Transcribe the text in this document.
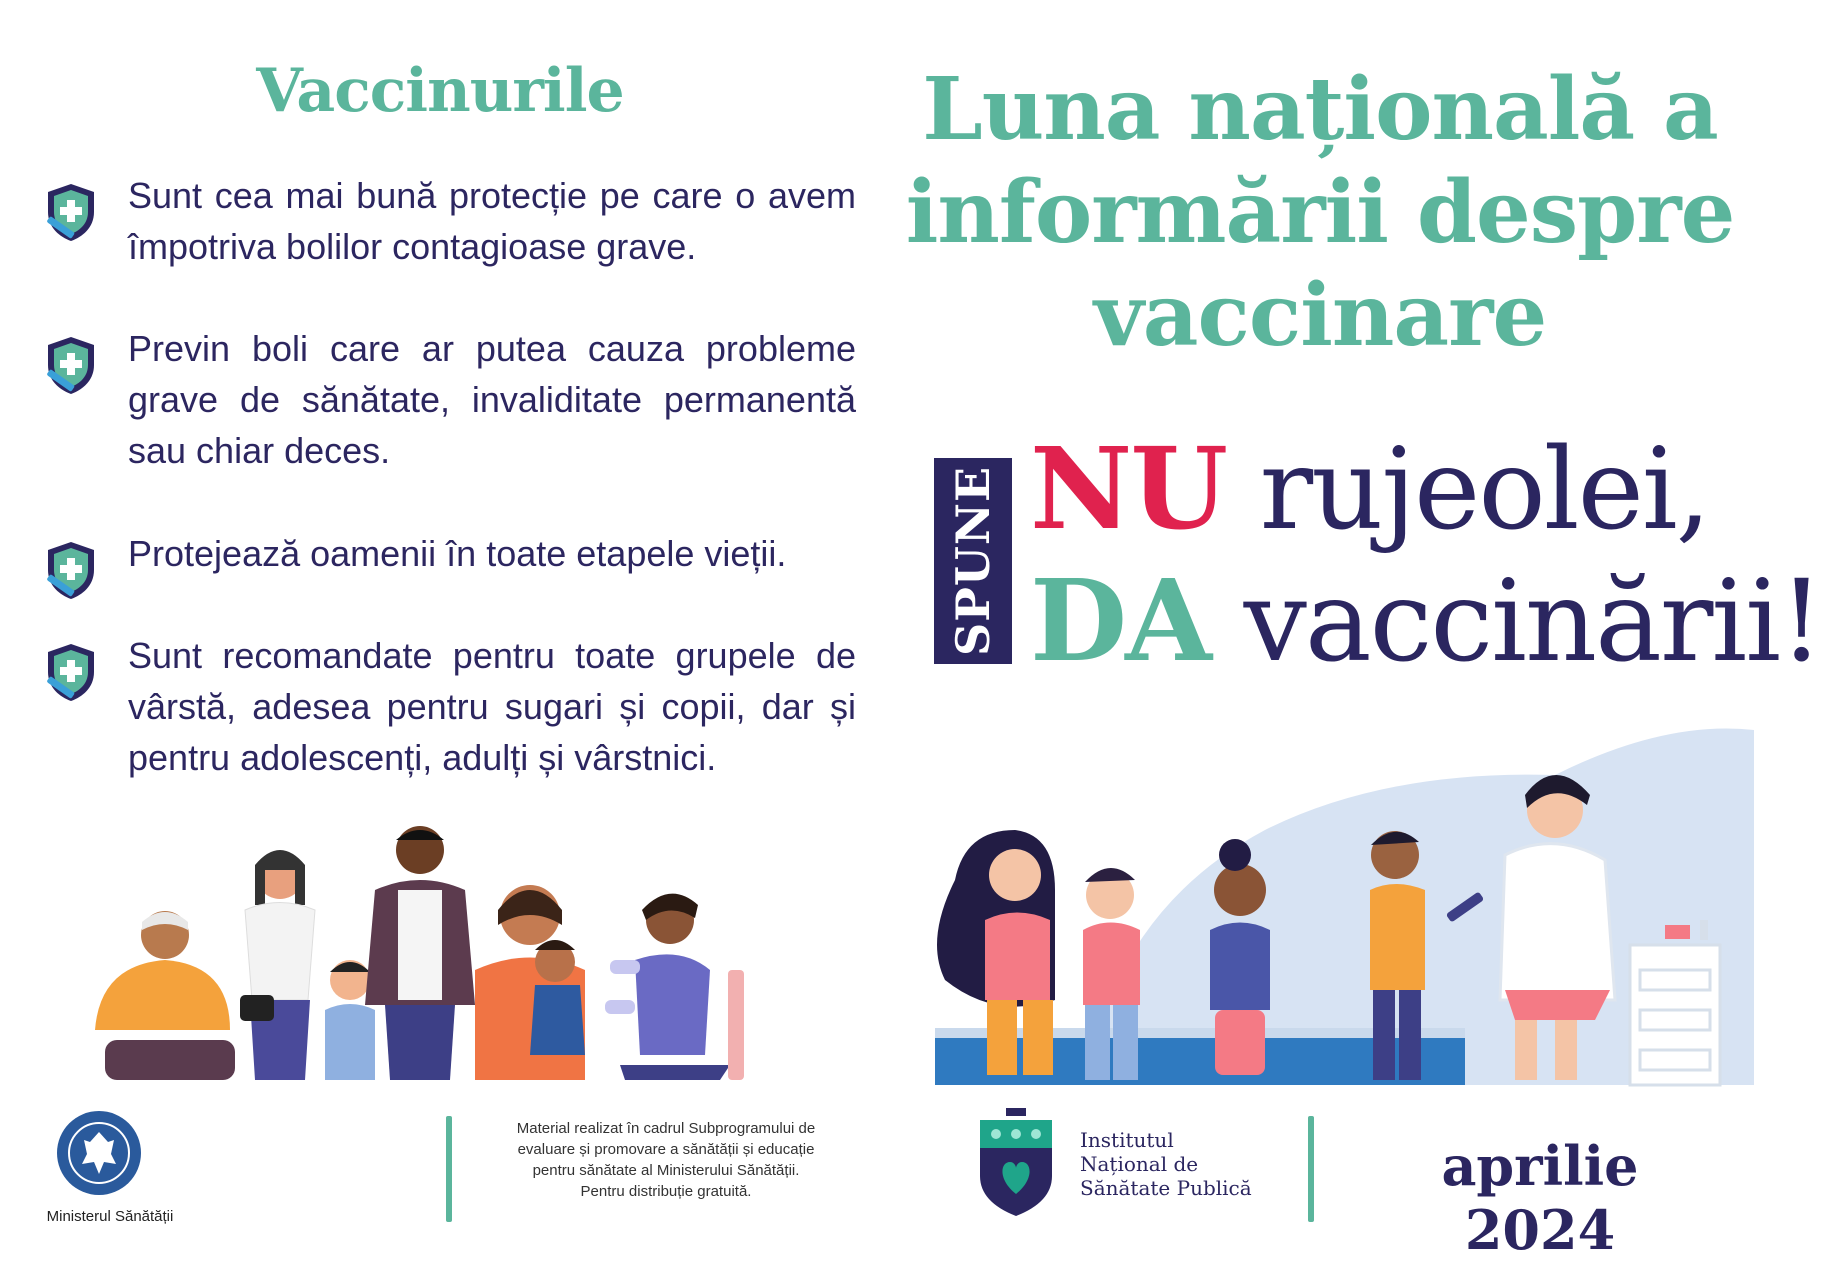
Vaccinurile
Sunt cea mai bună protecție pe care o avem împotriva bolilor contagioase grave.
Previn boli care ar putea cauza probleme grave de sănătate, invaliditate permanentă sau chiar deces.
Protejează oamenii în toate etapele vieții.
Sunt recomandate pentru toate grupele de vârstă, adesea pentru sugari și copii, dar și pentru adolescenți, adulți și vârstnici.
Luna națională a
informării despre
vaccinare
SPUNE NU rujeolei,
DA vaccinării!
Ministerul Sănătății
Material realizat în cadrul Subprogramului de
evaluare și promovare a sănătății și educație
pentru sănătate al Ministerului Sănătății.
Pentru distribuție gratuită.
Institutul
Național de
Sănătate Publică	aprilie 2024
